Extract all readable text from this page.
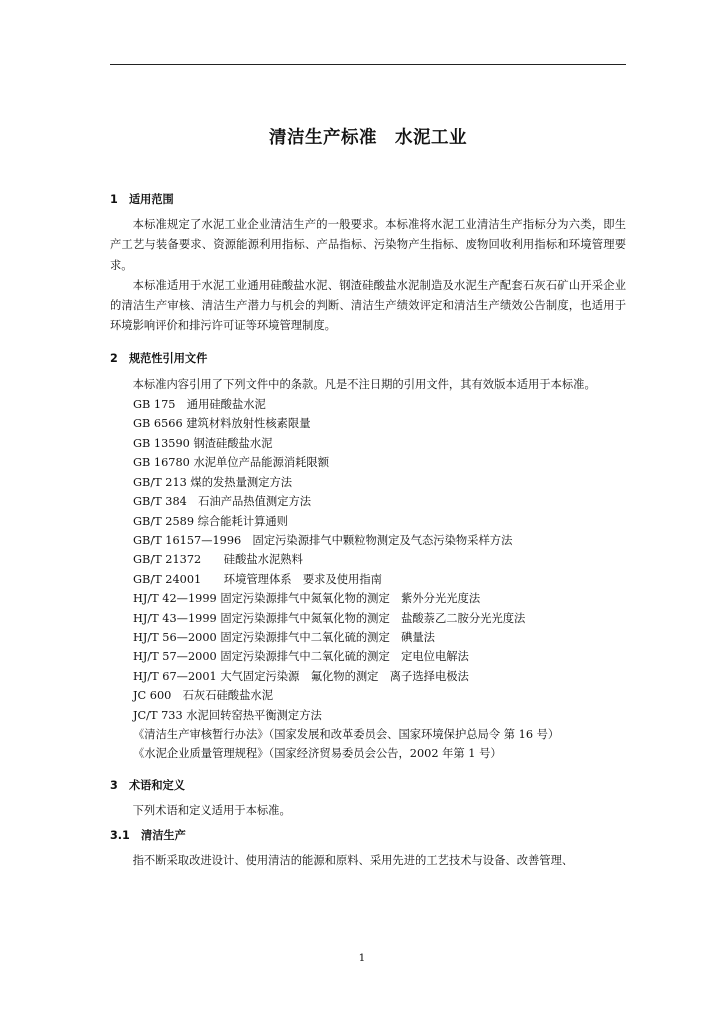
清洁生产标准　水泥工业
1　适用范围

本标准规定了水泥工业企业清洁生产的一般要求。本标准将水泥工业清洁生产指标分为六类，即生产工艺与装备要求、资源能源利用指标、产品指标、污染物产生指标、废物回收利用指标和环境管理要求。

本标准适用于水泥工业通用硅酸盐水泥、钢渣硅酸盐水泥制造及水泥生产配套石灰石矿山开采企业的清洁生产审核、清洁生产潜力与机会的判断、清洁生产绩效评定和清洁生产绩效公告制度，也适用于环境影响评价和排污许可证等环境管理制度。

2　规范性引用文件

本标准内容引用了下列文件中的条款。凡是不注日期的引用文件，其有效版本适用于本标准。

GB 175　通用硅酸盐水泥
GB 6566 建筑材料放射性核素限量
GB 13590 钢渣硅酸盐水泥
GB 16780 水泥单位产品能源消耗限额
GB/T 213 煤的发热量测定方法
GB/T 384　石油产品热值测定方法
GB/T 2589 综合能耗计算通则
GB/T 16157—1996　固定污染源排气中颗粒物测定及气态污染物采样方法
GB/T 21372　　硅酸盐水泥熟料
GB/T 24001　　环境管理体系　要求及使用指南
HJ/T 42—1999 固定污染源排气中氮氧化物的测定　紫外分光光度法
HJ/T 43—1999 固定污染源排气中氮氧化物的测定　盐酸萘乙二胺分光光度法
HJ/T 56—2000 固定污染源排气中二氧化硫的测定　碘量法
HJ/T 57—2000 固定污染源排气中二氧化硫的测定　定电位电解法
HJ/T 67—2001 大气固定污染源　氟化物的测定　离子选择电极法
JC 600　石灰石硅酸盐水泥
JC/T 733 水泥回转窑热平衡测定方法
《清洁生产审核暂行办法》（国家发展和改革委员会、国家环境保护总局令 第 16 号）
《水泥企业质量管理规程》（国家经济贸易委员会公告，2002 年第 1 号）
3　术语和定义

下列术语和定义适用于本标准。

3.1　清洁生产

指不断采取改进设计、使用清洁的能源和原料、采用先进的工艺技术与设备、改善管理、

1
